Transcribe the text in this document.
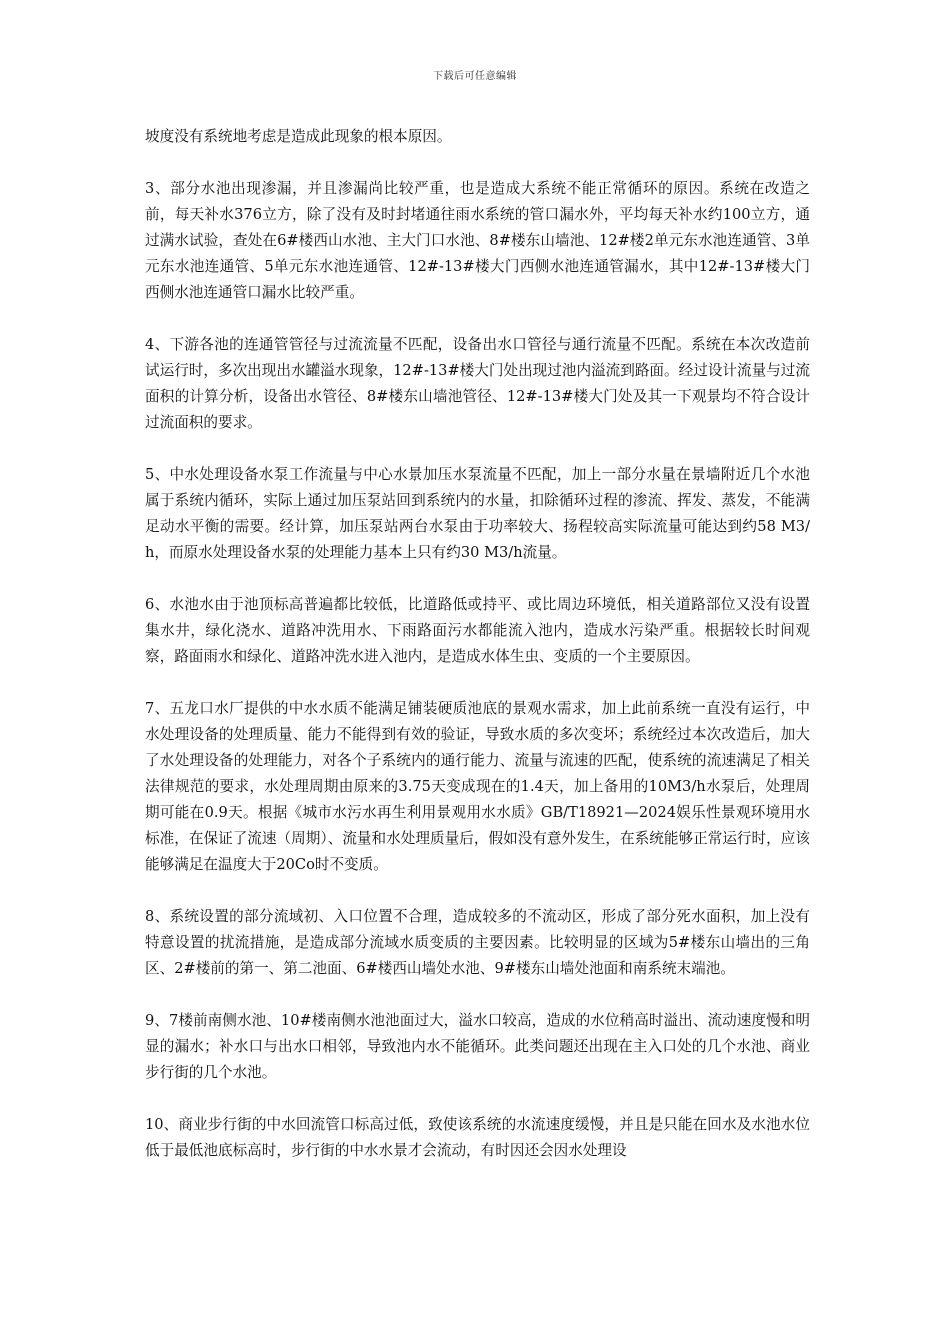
下载后可任意编辑

坡度没有系统地考虑是造成此现象的根本原因。

3、部分水池出现渗漏，并且渗漏尚比较严重，也是造成大系统不能正常循环的原因。系统在改造之前，每天补水376立方，除了没有及时封堵通往雨水系统的管口漏水外，平均每天补水约100立方，通过满水试验，查处在6#楼西山水池、主大门口水池、8#楼东山墙池、12#楼2单元东水池连通管、3单元东水池连通管、5单元东水池连通管、12#-13#楼大门西侧水池连通管漏水，其中12#-13#楼大门西侧水池连通管口漏水比较严重。

4、下游各池的连通管管径与过流流量不匹配，设备出水口管径与通行流量不匹配。系统在本次改造前试运行时，多次出现出水罐溢水现象，12#-13#楼大门处出现过池内溢流到路面。经过设计流量与过流面积的计算分析，设备出水管径、8#楼东山墙池管径、12#-13#楼大门处及其一下观景均不符合设计过流面积的要求。

5、中水处理设备水泵工作流量与中心水景加压水泵流量不匹配，加上一部分水量在景墙附近几个水池属于系统内循环，实际上通过加压泵站回到系统内的水量，扣除循环过程的渗流、挥发、蒸发，不能满足动水平衡的需要。经计算，加压泵站两台水泵由于功率较大、扬程较高实际流量可能达到约58 M3/h，而原水处理设备水泵的处理能力基本上只有约30 M3/h流量。

6、水池水由于池顶标高普遍都比较低，比道路低或持平、或比周边环境低，相关道路部位又没有设置集水井，绿化浇水、道路冲洗用水、下雨路面污水都能流入池内，造成水污染严重。根据较长时间观察，路面雨水和绿化、道路冲洗水进入池内，是造成水体生虫、变质的一个主要原因。

7、五龙口水厂提供的中水水质不能满足铺装硬质池底的景观水需求，加上此前系统一直没有运行，中水处理设备的处理质量、能力不能得到有效的验证，导致水质的多次变坏；系统经过本次改造后，加大了水处理设备的处理能力，对各个子系统内的通行能力、流量与流速的匹配，使系统的流速满足了相关法律规范的要求，水处理周期由原来的3.75天变成现在的1.4天，加上备用的10M3/h水泵后，处理周期可能在0.9天。根据《城市水污水再生利用景观用水水质》GB/T18921—2024娱乐性景观环境用水标准，在保证了流速（周期）、流量和水处理质量后，假如没有意外发生，在系统能够正常运行时，应该能够满足在温度大于20Co时不变质。

8、系统设置的部分流域初、入口位置不合理，造成较多的不流动区，形成了部分死水面积，加上没有特意设置的扰流措施，是造成部分流域水质变质的主要因素。比较明显的区域为5#楼东山墙出的三角区、2#楼前的第一、第二池面、6#楼西山墙处水池、9#楼东山墙处池面和南系统末端池。

9、7楼前南侧水池、10#楼南侧水池池面过大，溢水口较高，造成的水位稍高时溢出、流动速度慢和明显的漏水；补水口与出水口相邻，导致池内水不能循环。此类问题还出现在主入口处的几个水池、商业步行街的几个水池。

10、商业步行街的中水回流管口标高过低，致使该系统的水流速度缓慢，并且是只能在回水及水池水位低于最低池底标高时，步行街的中水水景才会流动，有时因还会因水处理设
